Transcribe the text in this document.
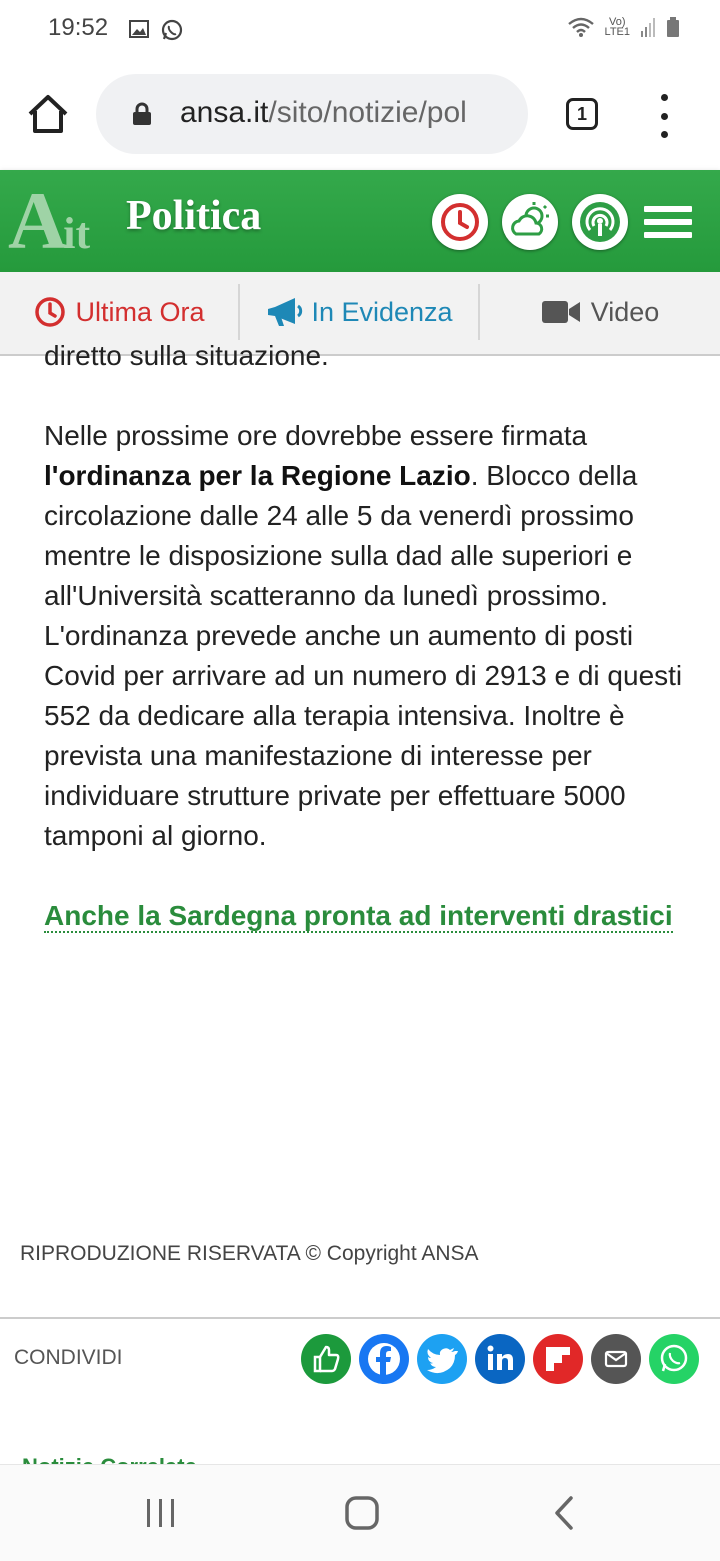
19:52	Vo)
LTE1
ansa.it/sito/notizie/pol	1
Ait Politica
Ultima Ora	In Evidenza	Video

diretto sulla situazione.

Nelle prossime ore dovrebbe essere firmata l'ordinanza per la Regione Lazio. Blocco della circolazione dalle 24 alle 5 da venerdì prossimo mentre le disposizione sulla dad alle superiori e all'Università scatteranno da lunedì prossimo. L'ordinanza prevede anche un aumento di posti Covid per arrivare ad un numero di 2913 e di questi 552 da dedicare alla terapia intensiva. Inoltre è prevista una manifestazione di interesse per individuare strutture private per effettuare 5000 tamponi al giorno.

Anche la Sardegna pronta ad interventi drastici

RIPRODUZIONE RISERVATA © Copyright ANSA
CONDIVIDI
